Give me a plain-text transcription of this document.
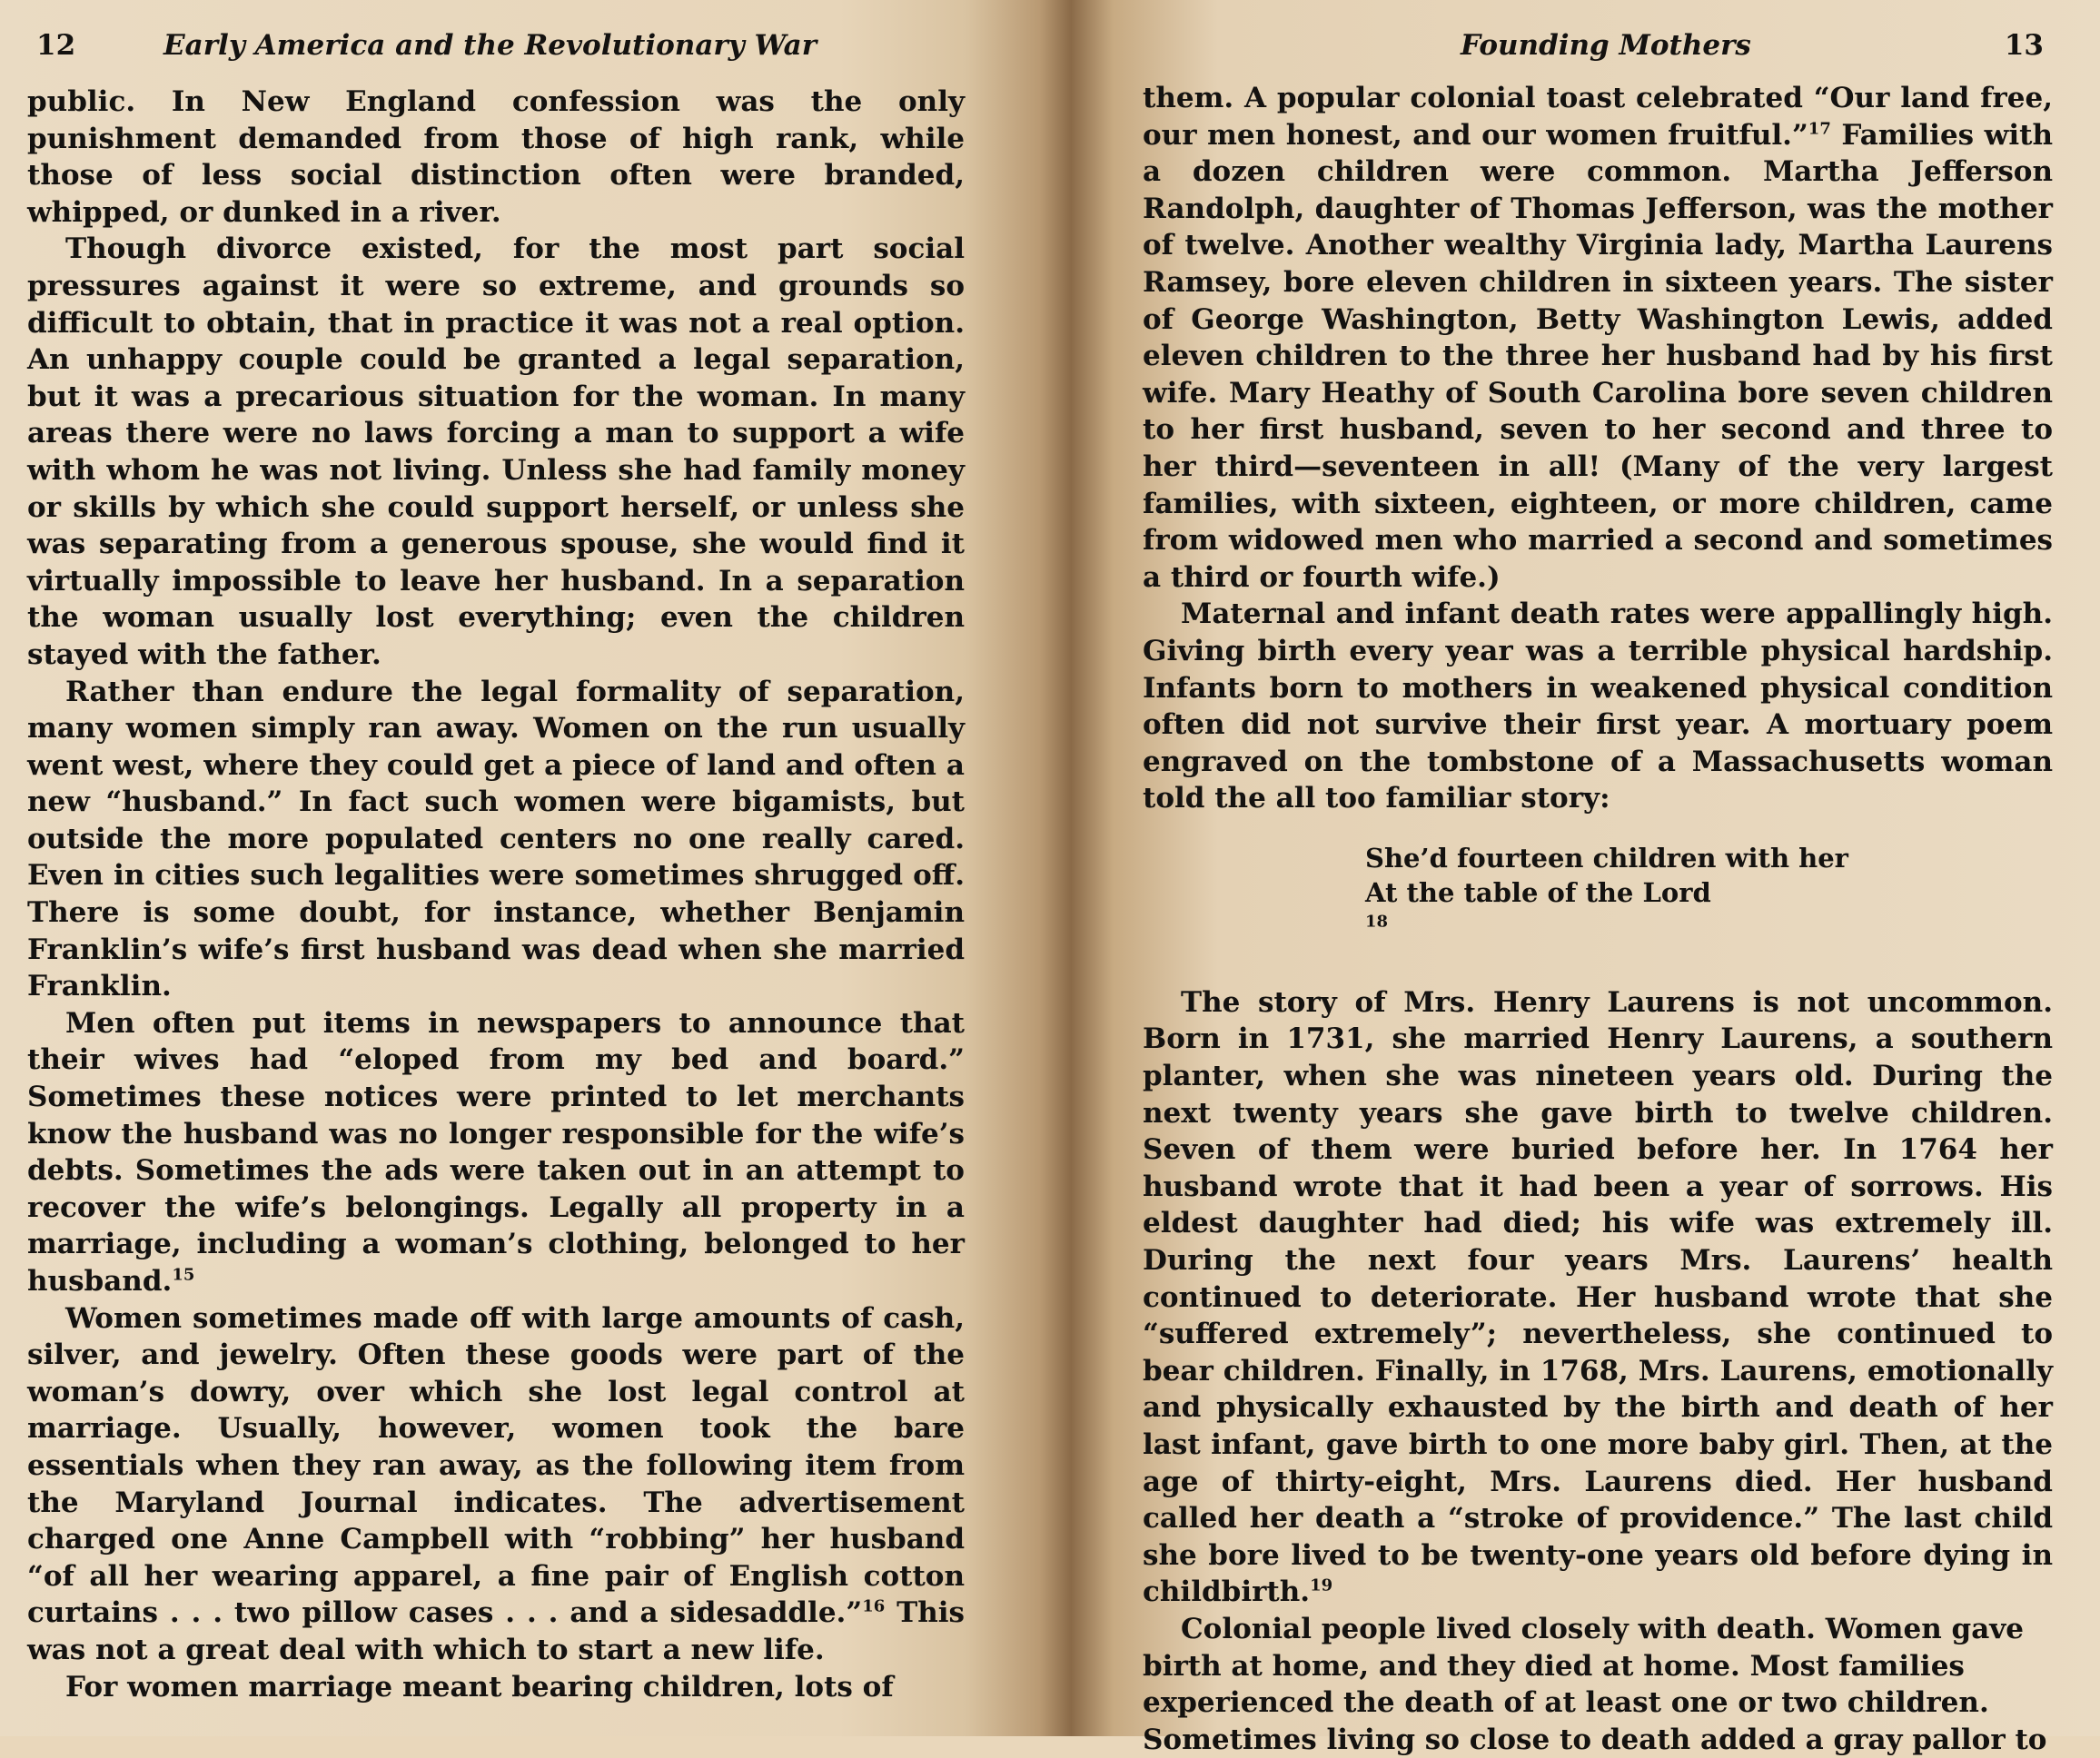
12	Early America and the Revolutionary War

public. In New England confession was the only punishment demanded from those of high rank, while those of less social distinction often were branded, whipped, or dunked in a river.

Though divorce existed, for the most part social pressures against it were so extreme, and grounds so difficult to obtain, that in practice it was not a real option. An unhappy couple could be granted a legal separation, but it was a precarious situation for the woman. In many areas there were no laws forcing a man to support a wife with whom he was not living. Unless she had family money or skills by which she could support herself, or unless she was separating from a generous spouse, she would find it virtually impossible to leave her husband. In a separation the woman usually lost everything; even the children stayed with the father.

Rather than endure the legal formality of separation, many women simply ran away. Women on the run usually went west, where they could get a piece of land and often a new “husband.” In fact such women were bigamists, but outside the more populated centers no one really cared. Even in cities such legalities were sometimes shrugged off. There is some doubt, for instance, whether Benjamin Franklin’s wife’s first husband was dead when she married Franklin.

Men often put items in newspapers to announce that their wives had “eloped from my bed and board.” Sometimes these notices were printed to let merchants know the husband was no longer responsible for the wife’s debts. Sometimes the ads were taken out in an attempt to recover the wife’s belongings. Legally all property in a marriage, including a woman’s clothing, belonged to her husband.$^{15}$

Women sometimes made off with large amounts of cash, silver, and jewelry. Often these goods were part of the woman’s dowry, over which she lost legal control at marriage. Usually, however, women took the bare essentials when they ran away, as the following item from the Maryland Journal indicates. The advertisement charged one Anne Campbell with “robbing” her husband “of all her wearing apparel, a fine pair of English cotton curtains . . . two pillow cases . . . and a sidesaddle.”$^{16}$ This was not a great deal with which to start a new life.

For women marriage meant bearing children, lots of

Founding Mothers	13

them. A popular colonial toast celebrated “Our land free, our men honest, and our women fruitful.”$^{17}$ Families with a dozen children were common. Martha Jefferson Randolph, daughter of Thomas Jefferson, was the mother of twelve. Another wealthy Virginia lady, Martha Laurens Ramsey, bore eleven children in sixteen years. The sister of George Washington, Betty Washington Lewis, added eleven children to the three her husband had by his first wife. Mary Heathy of South Carolina bore seven children to her first husband, seven to her second and three to her third—seventeen in all! (Many of the very largest families, with sixteen, eighteen, or more children, came from widowed men who married a second and sometimes a third or fourth wife.)

Maternal and infant death rates were appallingly high. Giving birth every year was a terrible physical hardship. Infants born to mothers in weakened physical condition often did not survive their first year. A mortuary poem engraved on the tombstone of a Massachusetts woman told the all too familiar story:

She’d fourteen children with her
At the table of the Lord
$^{18}$

The story of Mrs. Henry Laurens is not uncommon. Born in 1731, she married Henry Laurens, a southern planter, when she was nineteen years old. During the next twenty years she gave birth to twelve children. Seven of them were buried before her. In 1764 her husband wrote that it had been a year of sorrows. His eldest daughter had died; his wife was extremely ill. During the next four years Mrs. Laurens’ health continued to deteriorate. Her husband wrote that she “suffered extremely”; nevertheless, she continued to bear children. Finally, in 1768, Mrs. Laurens, emotionally and physically exhausted by the birth and death of her last infant, gave birth to one more baby girl. Then, at the age of thirty-eight, Mrs. Laurens died. Her husband called her death a “stroke of providence.” The last child she bore lived to be twenty-one years old before dying in childbirth.$^{19}$

Colonial people lived closely with death. Women gave birth at home, and they died at home. Most families experienced the death of at least one or two children. Sometimes living so close to death added a gray pallor to
